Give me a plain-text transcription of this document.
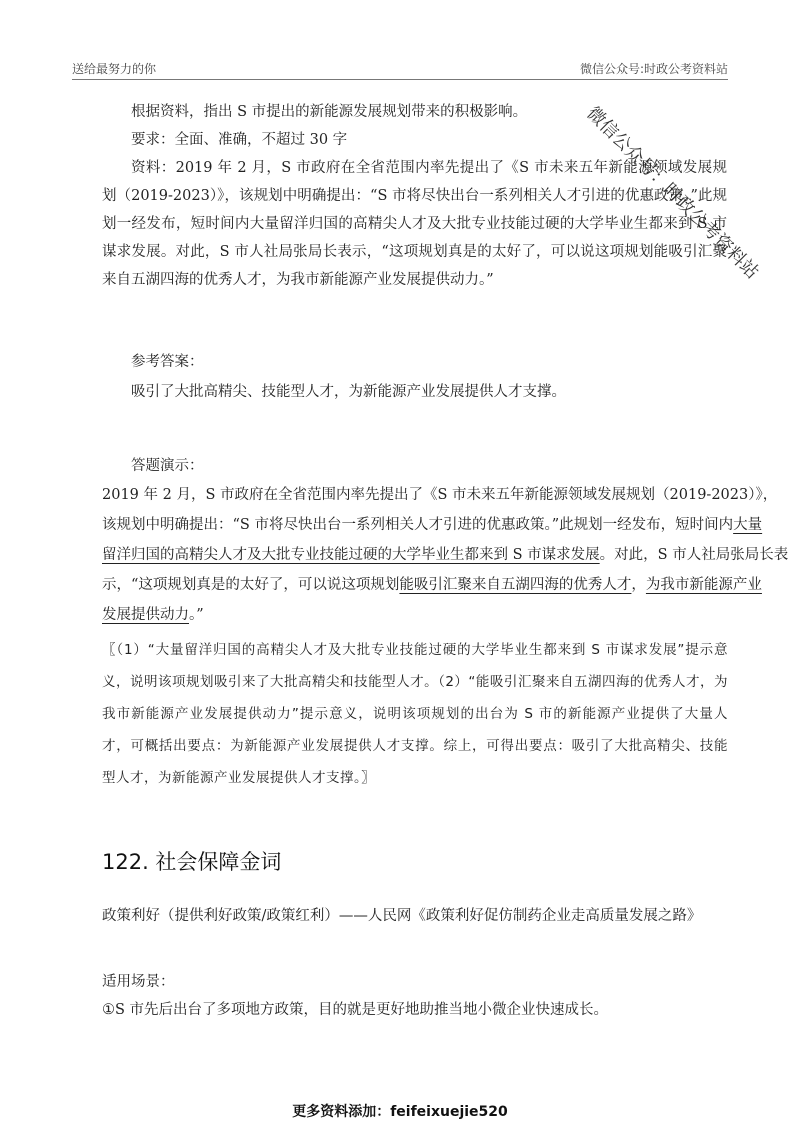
送给最努力的你	微信公众号:时政公考资料站
微信公众号：时政公考资料站

根据资料，指出 S 市提出的新能源发展规划带来的积极影响。

要求：全面、准确，不超过 30 字

资料：2019 年 2 月，S 市政府在全省范围内率先提出了《S 市未来五年新能源领域发展规划（2019-2023）》，该规划中明确提出：“S 市将尽快出台一系列相关人才引进的优惠政策。”此规划一经发布，短时间内大量留洋归国的高精尖人才及大批专业技能过硬的大学毕业生都来到 S 市谋求发展。对此，S 市人社局张局长表示，“这项规划真是的太好了，可以说这项规划能吸引汇聚来自五湖四海的优秀人才，为我市新能源产业发展提供动力。”

参考答案：

吸引了大批高精尖、技能型人才，为新能源产业发展提供人才支撑。

答题演示：

2019 年 2 月，S 市政府在全省范围内率先提出了《S 市未来五年新能源领域发展规划（2019-2023）》，
该规划中明确提出：“S 市将尽快出台一系列相关人才引进的优惠政策。”此规划一经发布，短时间内大量
留洋归国的高精尖人才及大批专业技能过硬的大学毕业生都来到 S 市谋求发展。对此，S 市人社局张局长表
示，“这项规划真是的太好了，可以说这项规划能吸引汇聚来自五湖四海的优秀人才，为我市新能源产业
发展提供动力。”

〖（1）“大量留洋归国的高精尖人才及大批专业技能过硬的大学毕业生都来到 S 市谋求发展”提示意义，说明该项规划吸引来了大批高精尖和技能型人才。（2）“能吸引汇聚来自五湖四海的优秀人才，为我市新能源产业发展提供动力”提示意义，说明该项规划的出台为 S 市的新能源产业提供了大量人才，可概括出要点：为新能源产业发展提供人才支撑。综上，可得出要点：吸引了大批高精尖、技能型人才，为新能源产业发展提供人才支撑。〗

122. 社会保障金词

政策利好（提供利好政策/政策红利）——人民网《政策利好促仿制药企业走高质量发展之路》

适用场景：

①S 市先后出台了多项地方政策，目的就是更好地助推当地小微企业快速成长。

更多资料添加：feifeixuejie520
